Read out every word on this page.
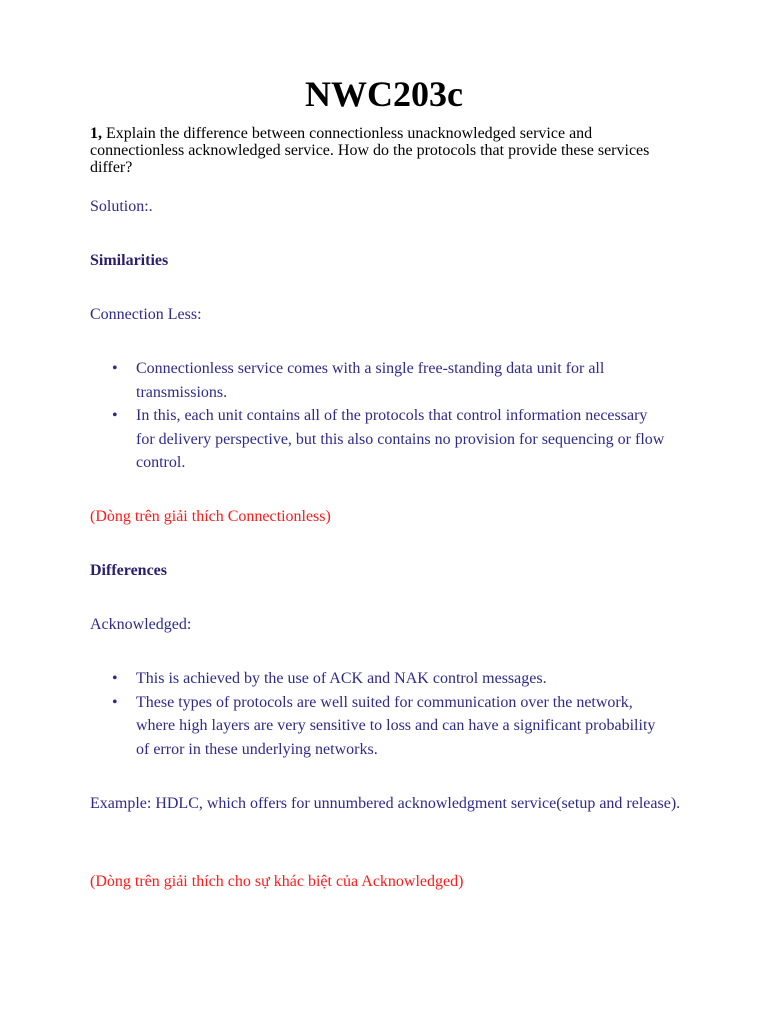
NWC203c
1, Explain the difference between connectionless unacknowledged service and connectionless acknowledged service. How do the protocols that provide these services differ?

Solution:.

Similarities

Connection Less:

• Connectionless service comes with a single free-standing data unit for all transmissions.
• In this, each unit contains all of the protocols that control information necessary for delivery perspective, but this also contains no provision for sequencing or flow control.

(Dòng trên giải thích Connectionless)

Differences

Acknowledged:

• This is achieved by the use of ACK and NAK control messages.
• These types of protocols are well suited for communication over the network, where high layers are very sensitive to loss and can have a significant probability of error in these underlying networks.

Example: HDLC, which offers for unnumbered acknowledgment service(setup and release).

(Dòng trên giải thích cho sự khác biệt của Acknowledged)
